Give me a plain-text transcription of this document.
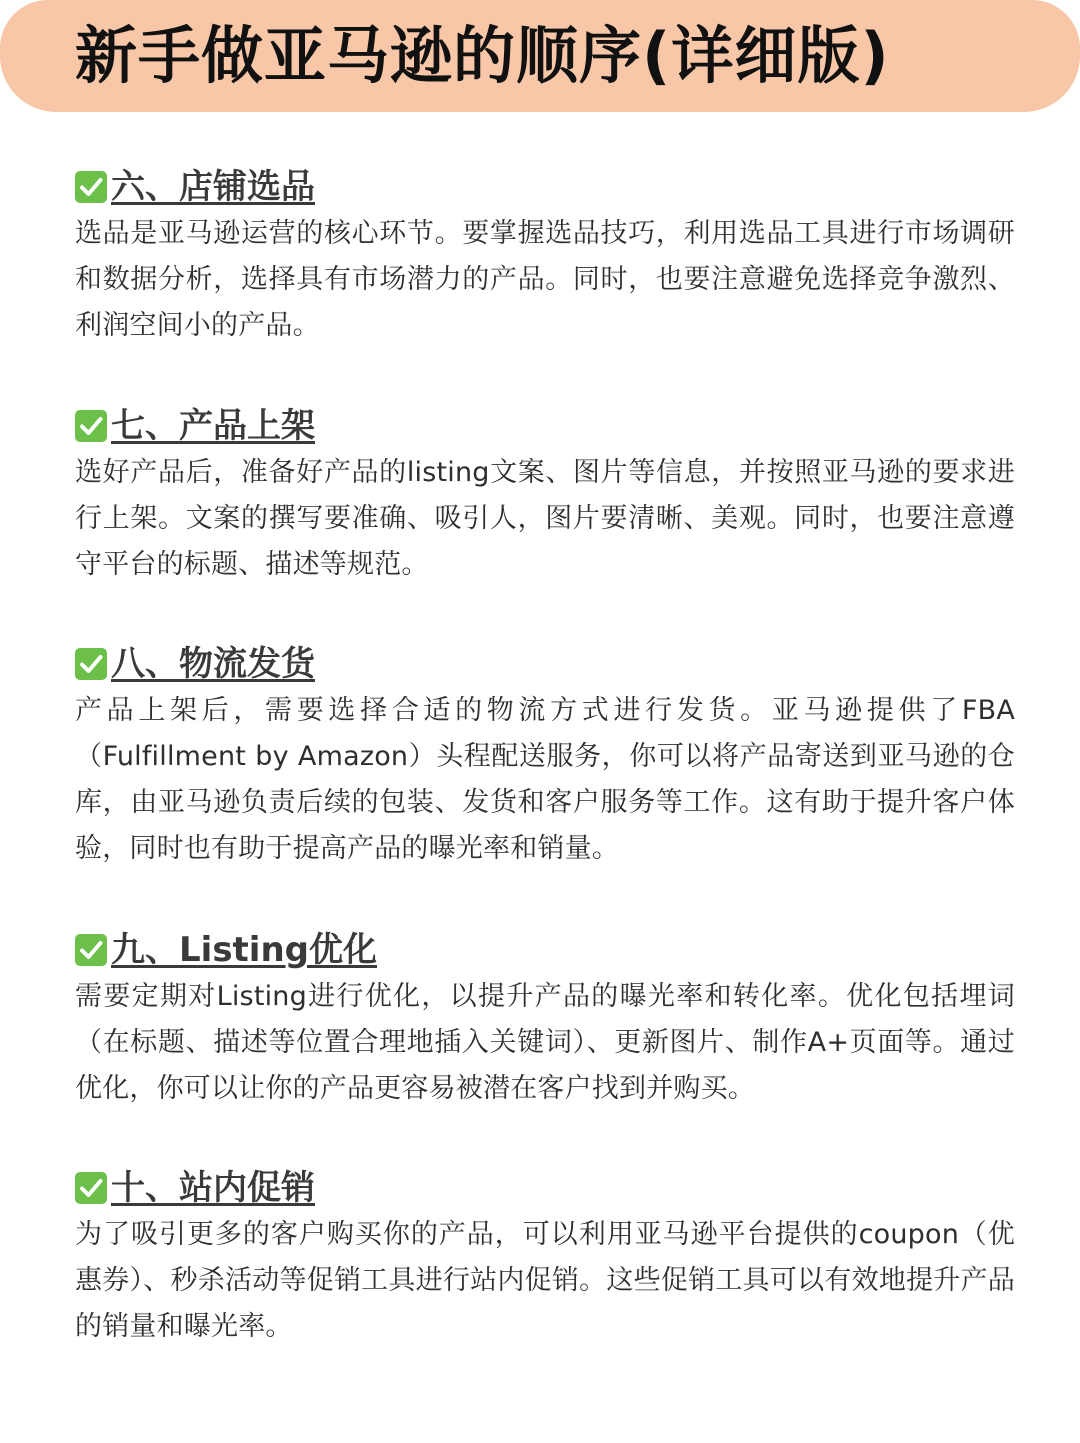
新手做亚马逊的顺序(详细版)
六、店铺选品
选品是亚马逊运营的核心环节。要掌握选品技巧，利用选品工具进行市场调研和数据分析，选择具有市场潜力的产品。同时，也要注意避免选择竞争激烈、利润空间小的产品。
七、产品上架
选好产品后，准备好产品的listing文案、图片等信息，并按照亚马逊的要求进行上架。文案的撰写要准确、吸引人，图片要清晰、美观。同时，也要注意遵守平台的标题、描述等规范。
八、物流发货
产品上架后，需要选择合适的物流方式进行发货。亚马逊提供了FBA（Fulfillment by Amazon）头程配送服务，你可以将产品寄送到亚马逊的仓库，由亚马逊负责后续的包装、发货和客户服务等工作。这有助于提升客户体验，同时也有助于提高产品的曝光率和销量。
九、Listing优化
需要定期对Listing进行优化，以提升产品的曝光率和转化率。优化包括埋词（在标题、描述等位置合理地插入关键词）、更新图片、制作A+页面等。通过优化，你可以让你的产品更容易被潜在客户找到并购买。
十、站内促销
为了吸引更多的客户购买你的产品，可以利用亚马逊平台提供的coupon（优惠券）、秒杀活动等促销工具进行站内促销。这些促销工具可以有效地提升产品的销量和曝光率。
